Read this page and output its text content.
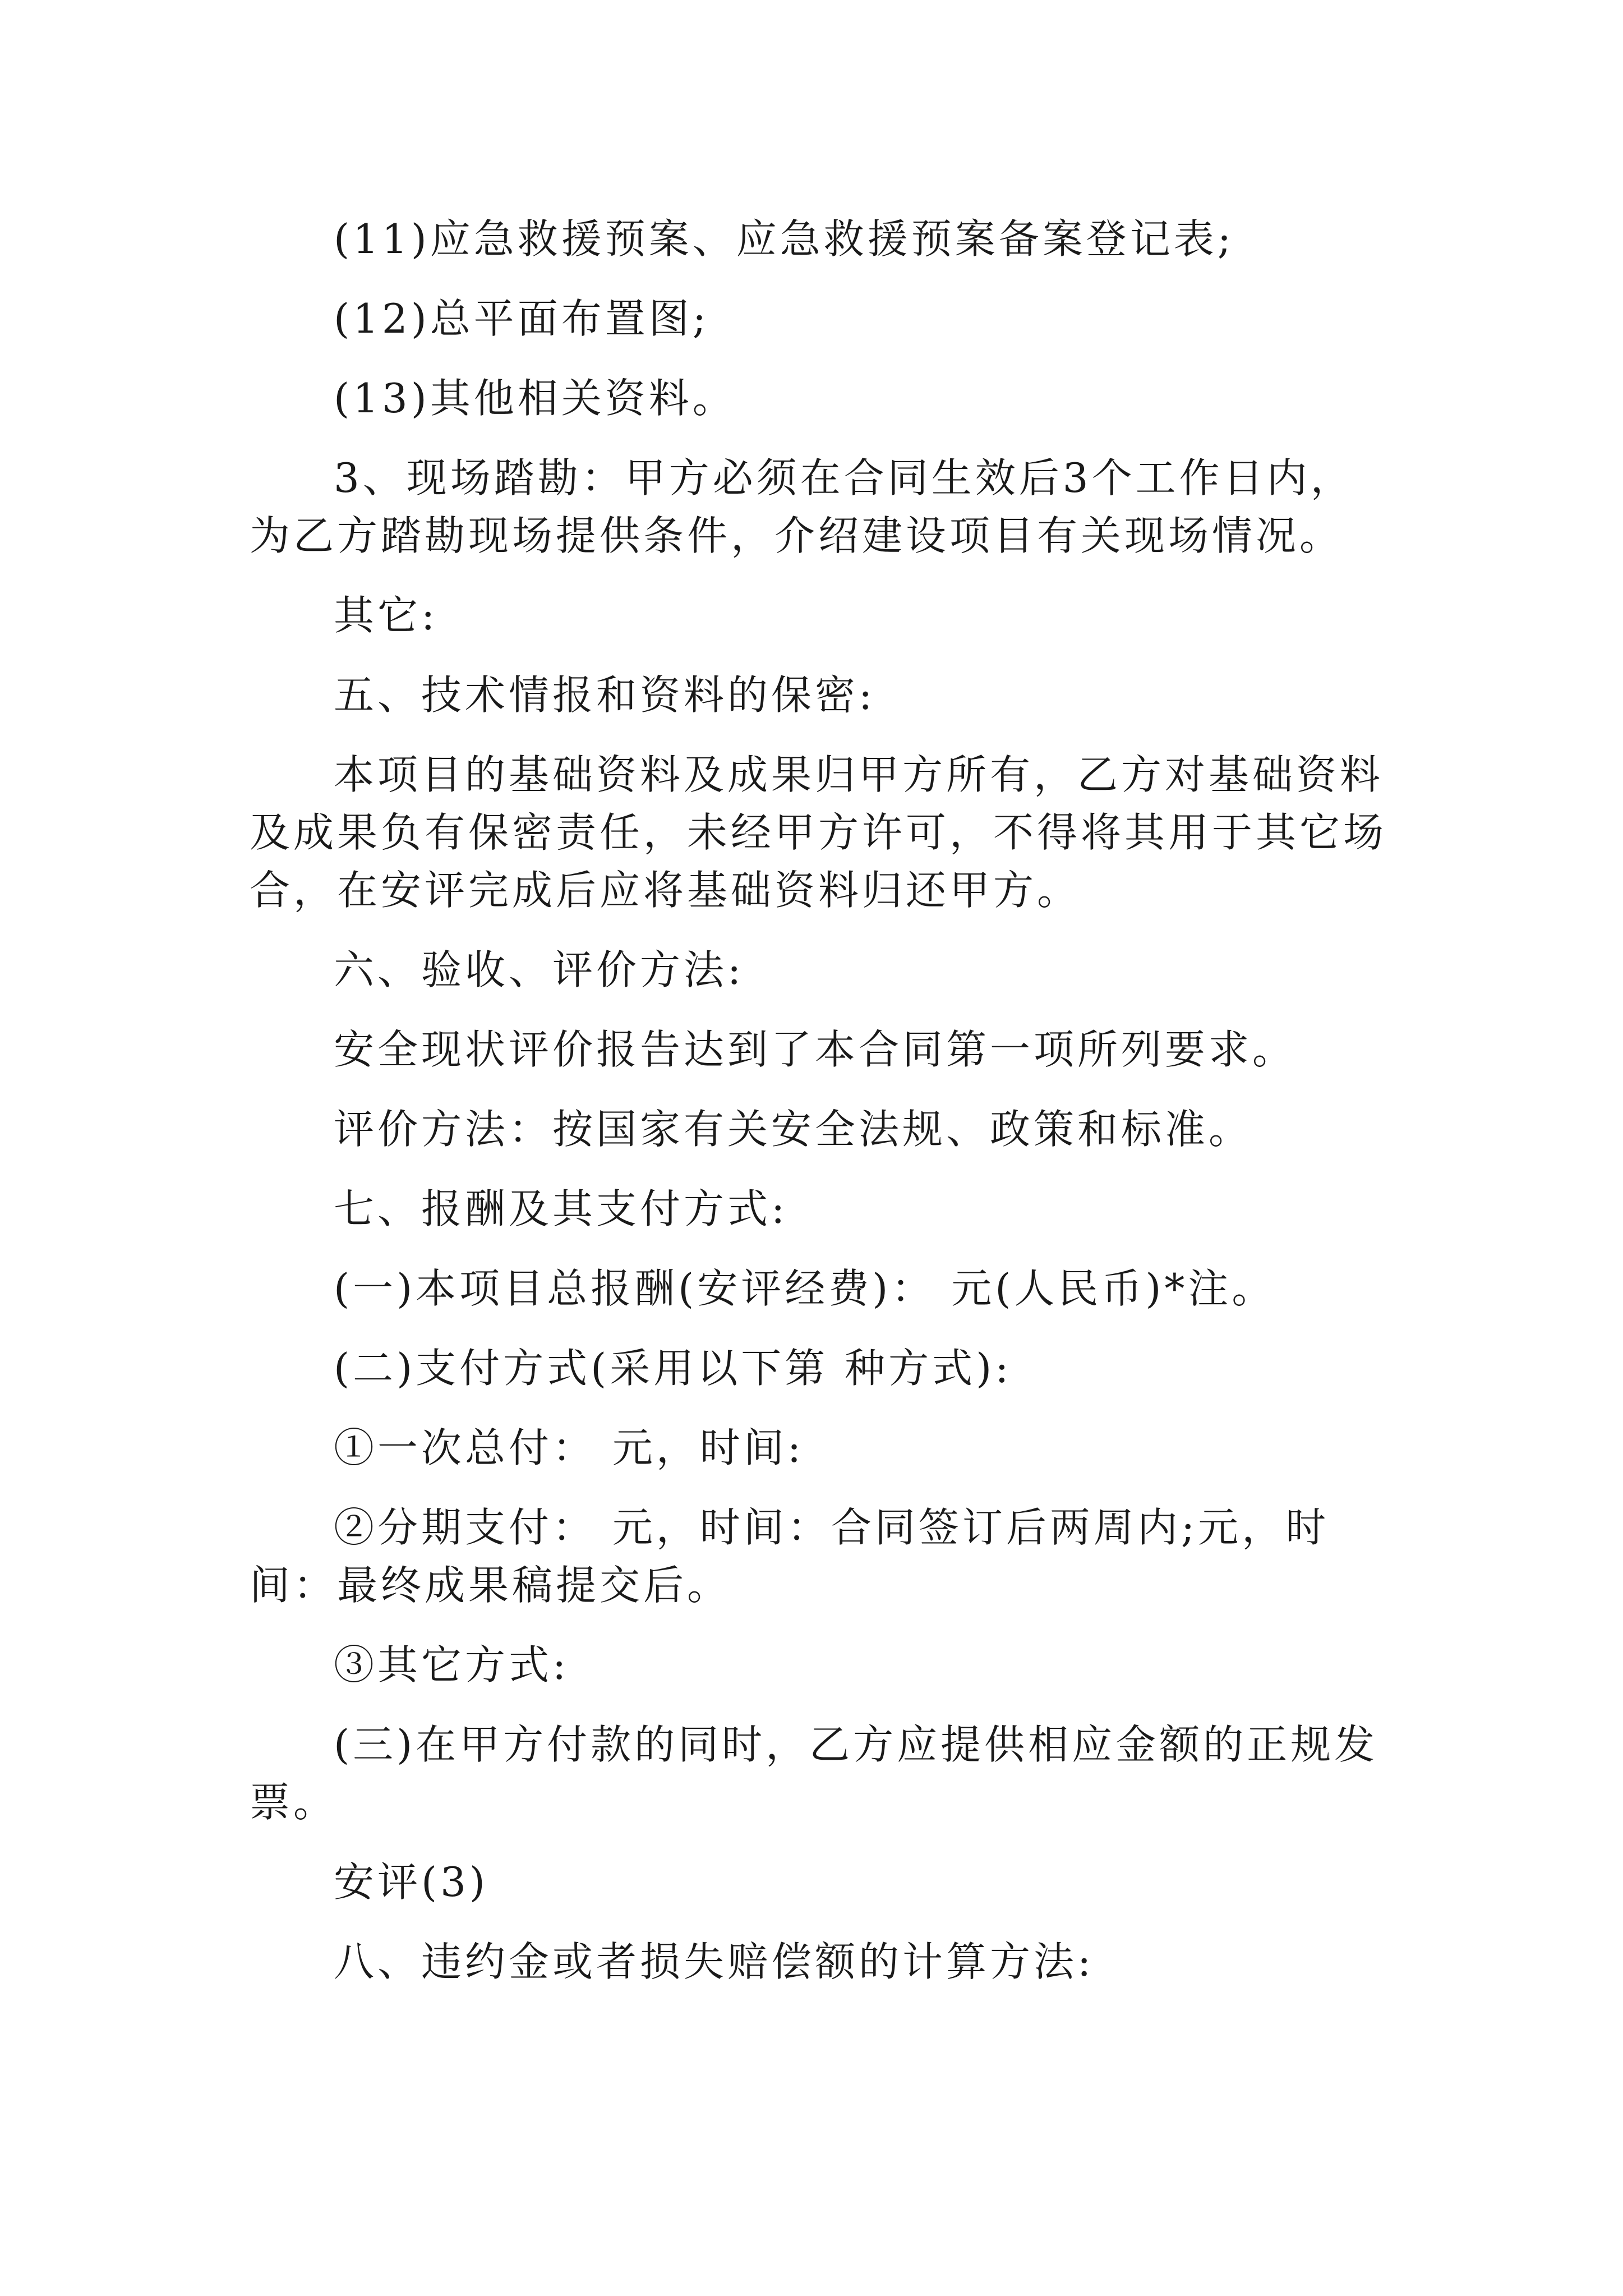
(11)应急救援预案、应急救援预案备案登记表;

(12)总平面布置图;

(13)其他相关资料。

3、现场踏勘：甲方必须在合同生效后3个工作日内，为乙方踏勘现场提供条件，介绍建设项目有关现场情况。

其它:

五、技术情报和资料的保密:

本项目的基础资料及成果归甲方所有，乙方对基础资料及成果负有保密责任，未经甲方许可，不得将其用于其它场合，在安评完成后应将基础资料归还甲方。

六、验收、评价方法:

安全现状评价报告达到了本合同第一项所列要求。

评价方法：按国家有关安全法规、政策和标准。

七、报酬及其支付方式:

(一)本项目总报酬(安评经费)： 元(人民币)*注。

(二)支付方式(采用以下第 种方式):

①一次总付： 元，时间:

②分期支付： 元，时间：合同签订后两周内;元，时间：最终成果稿提交后。

③其它方式:

(三)在甲方付款的同时，乙方应提供相应金额的正规发票。

安评(3)

八、违约金或者损失赔偿额的计算方法:
